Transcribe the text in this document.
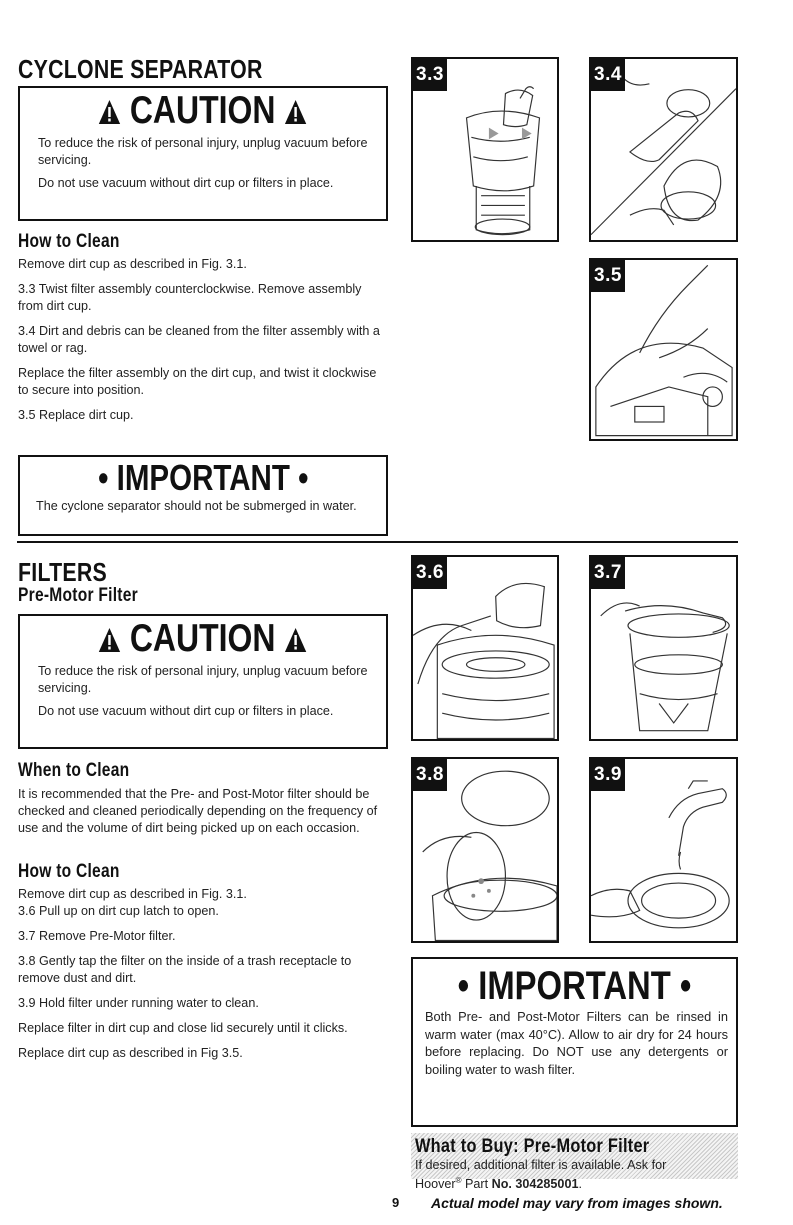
CYCLONE SEPARATOR
CAUTION

To reduce the risk of personal injury, unplug vacuum before servicing.

Do not use vacuum without dirt cup or filters in place.

How to Clean

Remove dirt cup as described in Fig. 3.1.

3.3 Twist filter assembly counterclockwise. Remove assembly from dirt cup.

3.4 Dirt and debris can be cleaned from the filter assembly with a towel or rag.

Replace the filter assembly on the dirt cup, and twist it clockwise to secure into position.

3.5 Replace dirt cup.

• IMPORTANT •

The cyclone separator should not be submerged in water.

3.3	3.4
3.5
FILTERS
Pre-Motor Filter
CAUTION

To reduce the risk of personal injury, unplug vacuum before servicing.

Do not use vacuum without dirt cup or filters in place.

When to Clean

It is recommended that the Pre- and Post-Motor filter should be checked and cleaned periodically depending on the frequency of use and the volume of dirt being picked up on each occasion.

How to Clean

Remove dirt cup as described in Fig. 3.1.

3.6 Pull up on dirt cup latch to open.

3.7 Remove Pre-Motor filter.

3.8 Gently tap the filter on the inside of a trash receptacle to remove dust and dirt.

3.9 Hold filter under running water to clean.

Replace filter in dirt cup and close lid securely until it clicks.

Replace dirt cup as described in Fig 3.5.

3.6	3.7
3.8	3.9
• IMPORTANT •

Both Pre- and Post-Motor Filters can be rinsed in warm water (max 40°C). Allow to air dry for 24 hours before replacing. Do NOT use any detergents or boiling water to wash filter.

What to Buy: Pre-Motor Filter
If desired, additional filter is available. Ask for
Hoover® Part No. 304285001.
9 Actual model may vary from images shown.
